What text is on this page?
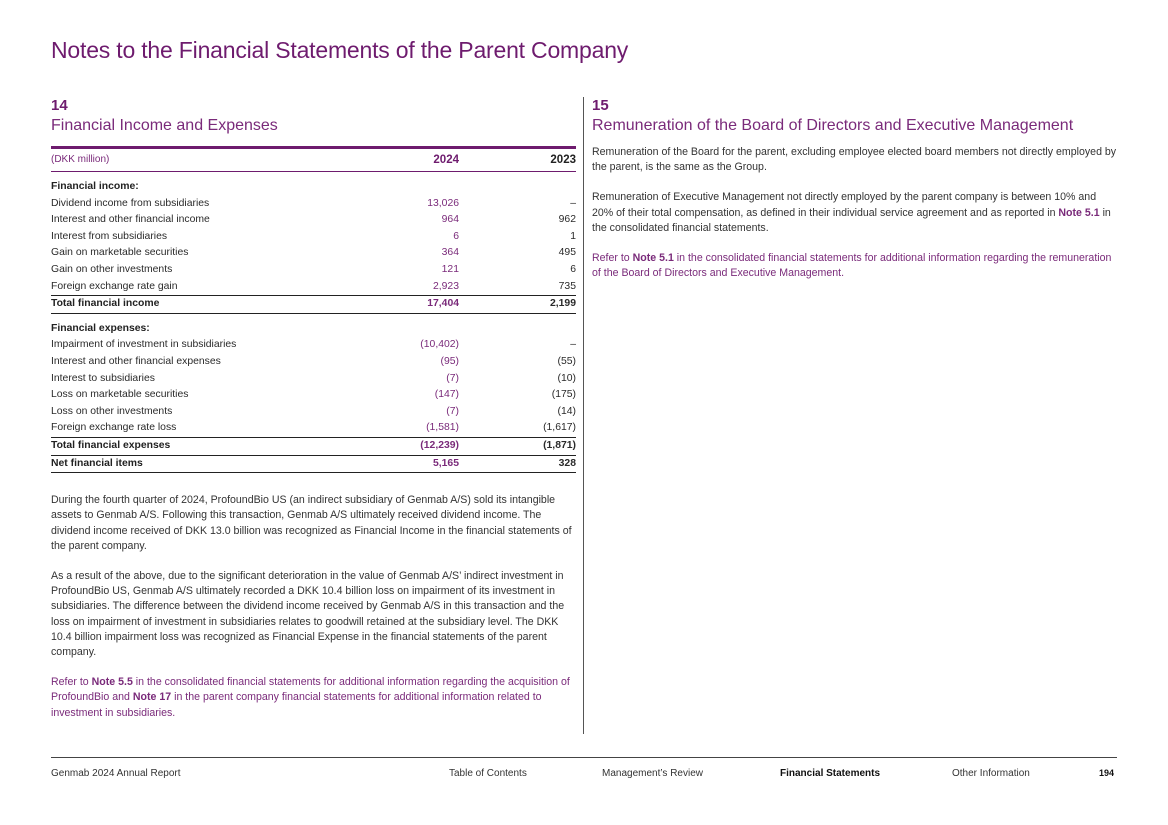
Notes to the Financial Statements of the Parent Company
14
Financial Income and Expenses
(DKK million)	2024	2023

Financial income:		
Dividend income from subsidiaries	13,026	–
Interest and other financial income	964	962
Interest from subsidiaries	6	1
Gain on marketable securities	364	495
Gain on other investments	121	6
Foreign exchange rate gain	2,923	735
Total financial income	17,404	2,199

Financial expenses:		
Impairment of investment in subsidiaries	(10,402)	–
Interest and other financial expenses	(95)	(55)
Interest to subsidiaries	(7)	(10)
Loss on marketable securities	(147)	(175)
Loss on other investments	(7)	(14)
Foreign exchange rate loss	(1,581)	(1,617)
Total financial expenses	(12,239)	(1,871)
Net financial items	5,165	328

During the fourth quarter of 2024, ProfoundBio US (an indirect subsidiary of Genmab A/S) sold its intangible assets to Genmab A/S. Following this transaction, Genmab A/S ultimately received dividend income. The dividend income received of DKK 13.0 billion was recognized as Financial Income in the financial statements of the parent company.

As a result of the above, due to the significant deterioration in the value of Genmab A/S’ indirect investment in ProfoundBio US, Genmab A/S ultimately recorded a DKK 10.4 billion loss on impairment of its investment in subsidiaries. The difference between the dividend income received by Genmab A/S in this transaction and the loss on impairment of investment in subsidiaries relates to goodwill retained at the subsidiary level. The DKK 10.4 billion impairment loss was recognized as Financial Expense in the financial statements of the parent company.

Refer to Note 5.5 in the consolidated financial statements for additional information regarding the acquisition of ProfoundBio and Note 17 in the parent company financial statements for additional information related to investment in subsidiaries.

15
Remuneration of the Board of Directors and Executive Management

Remuneration of the Board for the parent, excluding employee elected board members not directly employed by the parent, is the same as the Group.

Remuneration of Executive Management not directly employed by the parent company is between 10% and 20% of their total compensation, as defined in their individual service agreement and as reported in Note 5.1 in the consolidated financial statements.

Refer to Note 5.1 in the consolidated financial statements for additional information regarding the remuneration of the Board of Directors and Executive Management.

Genmab 2024 Annual Report	Table of Contents	Management’s Review	Financial Statements	Other Information	194
